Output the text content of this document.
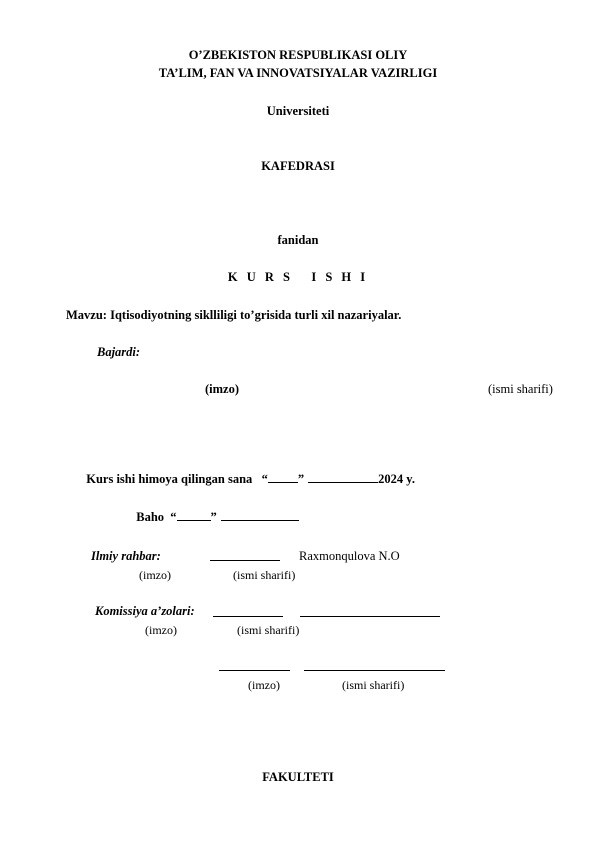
O’ZBEKISTON RESPUBLIKASI OLIY
TA’LIM, FAN VA INNOVATSIYALAR VAZIRLIGI
Universiteti
KAFEDRASI
fanidan
K U R S   I S H I
Mavzu: Iqtisodiyotning siklliligi to’grisida turli xil nazariyalar.
Bajardi:
(imzo)	(ismi sharifi)

Kurs ishi himoya qilingan sana   “ ”	2024 y.

Baho  “	”

Ilmiy rahbar:	Raxmonqulova N.O
(imzo)	(ismi sharifi)
Komissiya a’zolari:
(imzo)	(ismi sharifi)
(imzo)	(ismi sharifi)
FAKULTETI
